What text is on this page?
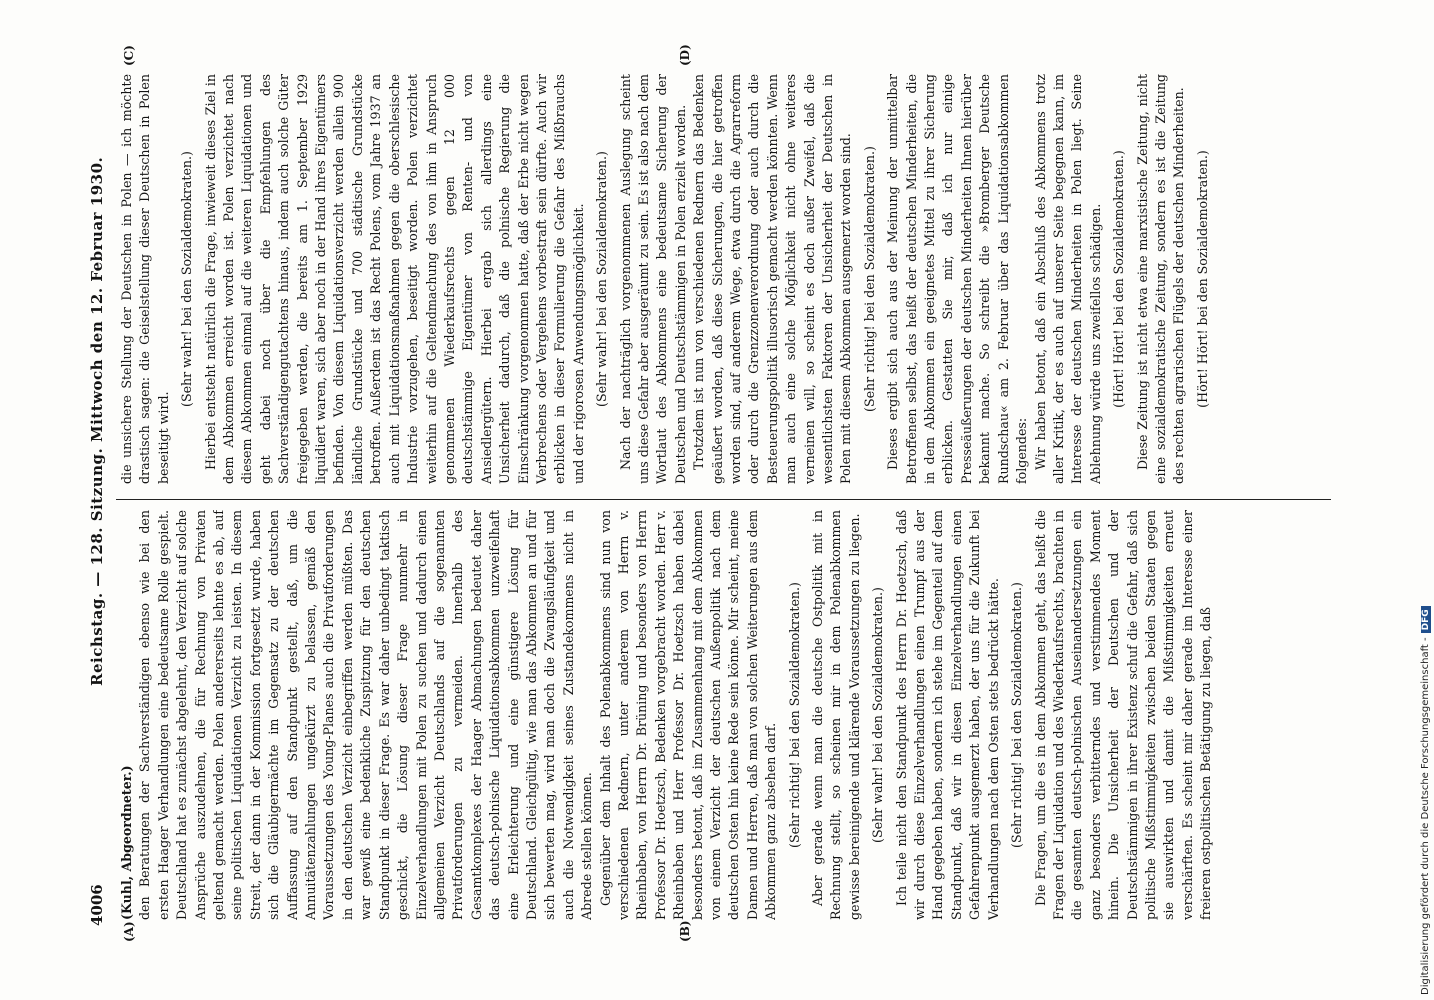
4006
Reichstag. — 128. Sitzung. Mittwoch den 12. Februar 1930.
(A)	(B)
(C)	(D)
(Kuhl, Abgeordneter.) den Beratungen der Sachverständigen ebenso wie bei den ersten Haager Verhandlungen eine bedeutsame Rolle gespielt. Deutschland hat es zunächst abgelehnt, den Verzicht auf solche Ansprüche auszudehnen, die für Rechnung von Privaten geltend gemacht werden. Polen andererseits lehnte es ab, auf seine politischen Liquidationen Verzicht zu leisten. In diesem Streit, der dann in der Kommission fortgesetzt wurde, haben sich die Gläubigermächte im Gegensatz zu der deutschen Auffassung auf den Standpunkt gestellt, daß, um die Annuitätenzahlungen ungekürzt zu belassen, gemäß den Voraussetzungen des Young-Planes auch die Privatforderungen in den deutschen Verzicht einbegriffen werden müßten. Das war gewiß eine bedenkliche Zuspitzung für den deutschen Standpunkt in dieser Frage. Es war daher unbedingt taktisch geschickt, die Lösung dieser Frage nunmehr in Einzelverhandlungen mit Polen zu suchen und dadurch einen allgemeinen Verzicht Deutschlands auf die sogenannten Privatforderungen zu vermeiden. Innerhalb des Gesamtkomplexes der Haager Abmachungen bedeutet daher das deutsch-polnische Liquidationsabkommen unzweifelhaft eine Erleichterung und eine günstigere Lösung für Deutschland. Gleichgültig, wie man das Abkommen an und für sich bewerten mag, wird man doch die Zwangsläufigkeit und auch die Notwendigkeit seines Zustandekommens nicht in Abrede stellen können. Gegenüber dem Inhalt des Polenabkommens sind nun von verschiedenen Rednern, unter anderem von Herrn v. Rheinbaben, von Herrn Dr. Brüning und besonders von Herrn Professor Dr. Hoetzsch, Bedenken vorgebracht worden. Herr v. Rheinbaben und Herr Professor Dr. Hoetzsch haben dabei besonders betont, daß im Zusammenhang mit dem Abkommen von einem Verzicht der deutschen Außenpolitik nach dem deutschen Osten hin keine Rede sein könne. Mir scheint, meine Damen und Herren, daß man von solchen Weiterungen aus dem Abkommen ganz absehen darf. (Sehr richtig! bei den Sozialdemokraten.) Aber gerade wenn man die deutsche Ostpolitik mit in Rechnung stellt, so scheinen mir in dem Polenabkommen gewisse bereinigende und klärende Voraussetzungen zu liegen. (Sehr wahr! bei den Sozialdemokraten.) Ich teile nicht den Standpunkt des Herrn Dr. Hoetzsch, daß wir durch diese Einzelverhandlungen einen Trumpf aus der Hand gegeben haben, sondern ich stehe im Gegenteil auf dem Standpunkt, daß wir in diesen Einzelverhandlungen einen Gefahrenpunkt ausgemerzt haben, der uns für die Zukunft bei Verhandlungen nach dem Osten stets bedrückt hätte. (Sehr richtig! bei den Sozialdemokraten.) Die Fragen, um die es in dem Abkommen geht, das heißt die Fragen der Liquidation und des Wiederkaufsrechts, brachten in die gesamten deutsch-polnischen Auseinandersetzungen ein ganz besonders verbitterndes und verstimmendes Moment hinein. Die Unsicherheit der Deutschen und der Deutschstämmigen in ihrer Existenz schuf die Gefahr, daß sich politische Mißstimmigkeiten zwischen beiden Staaten gegen sie auswirkten und damit die Mißstimmigkeiten erneut verschärften. Es scheint mir daher gerade im Interesse einer freieren ostpolitischen Betätigung zu liegen, daß

die unsichere Stellung der Deutschen in Polen — ich möchte drastisch sagen: die Geiselstellung dieser Deutschen in Polen beseitigt wird.

(Sehr wahr! bei den Sozialdemokraten.) Hierbei entsteht natürlich die Frage, inwieweit dieses Ziel in dem Abkommen erreicht worden ist. Polen verzichtet nach diesem Abkommen einmal auf die weiteren Liquidationen und geht dabei noch über die Empfehlungen des Sachverständigengutachtens hinaus, indem auch solche Güter freigegeben werden, die bereits am 1. September 1929 liquidiert waren, sich aber noch in der Hand ihres Eigentümers befinden. Von diesem Liquidationsverzicht werden allein 900 ländliche Grundstücke und 700 städtische Grundstücke betroffen. Außerdem ist das Recht Polens, vom Jahre 1937 an auch mit Liquidationsmaßnahmen gegen die oberschlesische Industrie vorzugehen, beseitigt worden. Polen verzichtet weiterhin auf die Geltendmachung des von ihm in Anspruch genommenen Wiederkaufsrechts gegen 12 000 deutschstämmige Eigentümer von Renten- und von Ansiedlergütern. Hierbei ergab sich allerdings eine Unsicherheit dadurch, daß die polnische Regierung die Einschränkung vorgenommen hatte, daß der Erbe nicht wegen Verbrechens oder Vergehens vorbestraft sein dürfte. Auch wir erblicken in dieser Formulierung die Gefahr des Mißbrauchs und der rigorosen Anwendungsmöglichkeit. (Sehr wahr! bei den Sozialdemokraten.) Nach der nachträglich vorgenommenen Auslegung scheint uns diese Gefahr aber ausgeräumt zu sein. Es ist also nach dem Wortlaut des Abkommens eine bedeutsame Sicherung der Deutschen und Deutschstämmigen in Polen erzielt worden. Trotzdem ist nun von verschiedenen Rednern das Bedenken geäußert worden, daß diese Sicherungen, die hier getroffen worden sind, auf anderem Wege, etwa durch die Agrarreform oder durch die Grenzzonenverordnung oder auch durch die Besteuerungspolitik illusorisch gemacht werden könnten. Wenn man auch eine solche Möglichkeit nicht ohne weiteres verneinen will, so scheint es doch außer Zweifel, daß die wesentlichsten Faktoren der Unsicherheit der Deutschen in Polen mit diesem Abkommen ausgemerzt worden sind. (Sehr richtig! bei den Sozialdemokraten.) Dieses ergibt sich auch aus der Meinung der unmittelbar Betroffenen selbst, das heißt der deutschen Minderheiten, die in dem Abkommen ein geeignetes Mittel zu ihrer Sicherung erblicken. Gestatten Sie mir, daß ich nur einige Presseäußerungen der deutschen Minderheiten Ihnen hierüber bekannt mache. So schreibt die »Bromberger Deutsche Rundschau« am 2. Februar über das Liquidationsabkommen folgendes: Wir haben betont, daß ein Abschluß des Abkommens trotz aller Kritik, der es auch auf unserer Seite begegnen kann, im Interesse der deutschen Minderheiten in Polen liegt. Seine Ablehnung würde uns zweifellos schädigen. (Hört! Hört! bei den Sozialdemokraten.) Diese Zeitung ist nicht etwa eine marxistische Zeitung, nicht eine sozialdemokratische Zeitung, sondern es ist die Zeitung des rechten agrarischen Flügels der deutschen Minderheiten. (Hört! Hört! bei den Sozialdemokraten.)

Digitalisierung gefördert durch die Deutsche Forschungsgemeinschaft -DFG
